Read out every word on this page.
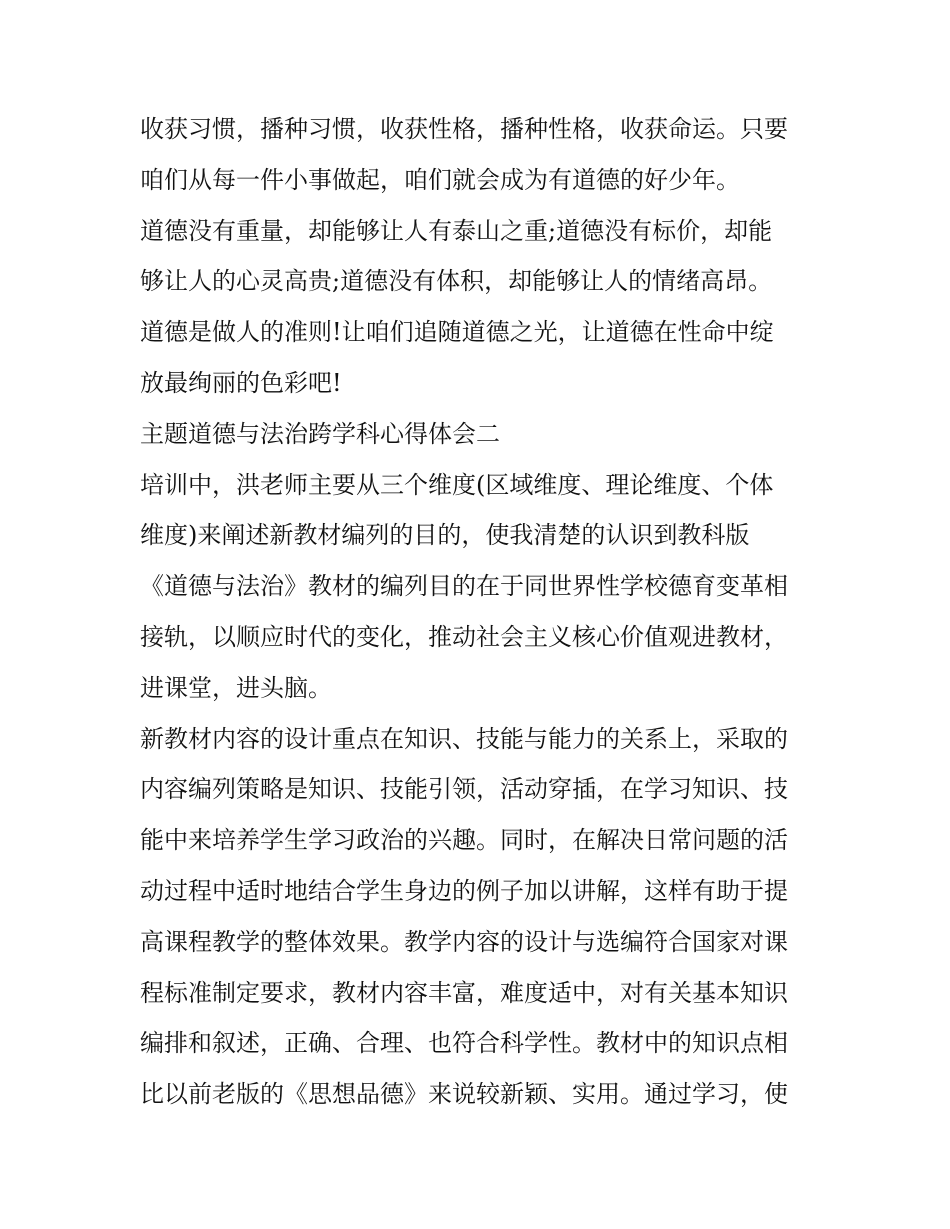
收获习惯，播种习惯，收获性格，播种性格，收获命运。只要
咱们从每一件小事做起，咱们就会成为有道德的好少年。
道德没有重量，却能够让人有泰山之重;道德没有标价，却能
够让人的心灵高贵;道德没有体积，却能够让人的情绪高昂。
道德是做人的准则!让咱们追随道德之光，让道德在性命中绽
放最绚丽的色彩吧!
主题道德与法治跨学科心得体会二
培训中，洪老师主要从三个维度(区域维度、理论维度、个体
维度)来阐述新教材编列的目的，使我清楚的认识到教科版
《道德与法治》教材的编列目的在于同世界性学校德育变革相
接轨，以顺应时代的变化，推动社会主义核心价值观进教材，
进课堂，进头脑。
新教材内容的设计重点在知识、技能与能力的关系上，采取的
内容编列策略是知识、技能引领，活动穿插，在学习知识、技
能中来培养学生学习政治的兴趣。同时，在解决日常问题的活
动过程中适时地结合学生身边的例子加以讲解，这样有助于提
高课程教学的整体效果。教学内容的设计与选编符合国家对课
程标准制定要求，教材内容丰富，难度适中，对有关基本知识
编排和叙述，正确、合理、也符合科学性。教材中的知识点相
比以前老版的《思想品德》来说较新颖、实用。通过学习，使
